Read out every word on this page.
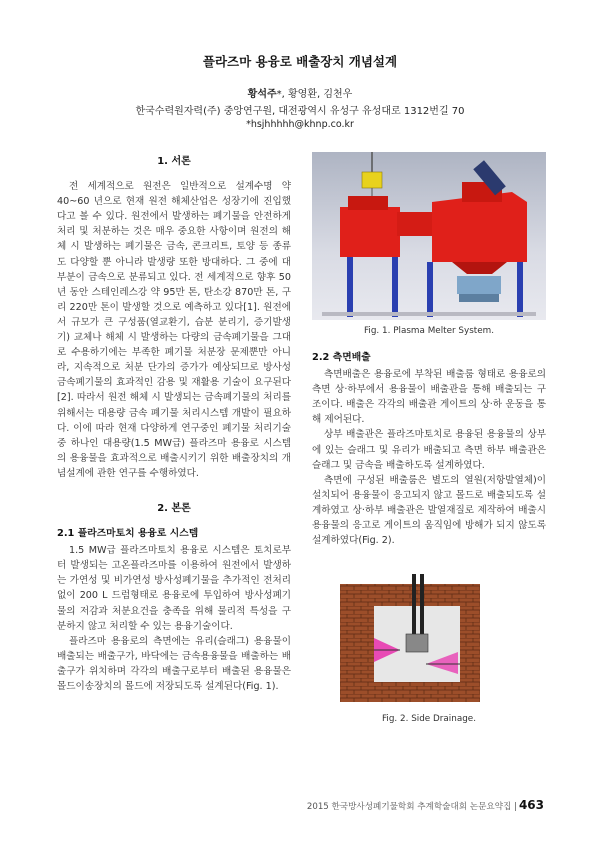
플라즈마 용융로 배출장치 개념설계
황석주*, 황영환, 김천우
한국수력원자력(주) 중앙연구원, 대전광역시 유성구 유성대로 1312번길 70
*hsjhhhhh@khnp.co.kr
1. 서론

전 세계적으로 원전은 일반적으로 설계수명 약 40~60 년으로 현재 원전 해체산업은 성장기에 진입했다고 볼 수 있다. 원전에서 발생하는 폐기물을 안전하게 처리 및 처분하는 것은 매우 중요한 사항이며 원전의 해체 시 발생하는 폐기물은 금속, 콘크리트, 토양 등 종류도 다양할 뿐 아니라 발생량 또한 방대하다. 그 중에 대부분이 금속으로 분류되고 있다. 전 세계적으로 향후 50 년 동안 스테인레스강 약 95만 톤, 탄소강 870만 톤, 구리 220만 톤이 발생할 것으로 예측하고 있다[1]. 원전에서 규모가 큰 구성품(열교환기, 습분 분리기, 증기발생기) 교체나 해체 시 발생하는 다량의 금속폐기물을 그대로 수용하기에는 부족한 폐기물 처분장 문제뿐만 아니라, 지속적으로 처분 단가의 증가가 예상되므로 방사성 금속폐기물의 효과적인 감용 및 재활용 기술이 요구된다[2]. 따라서 원전 해체 시 발생되는 금속폐기물의 처리를 위해서는 대용량 금속 폐기물 처리시스템 개발이 필요하다. 이에 따라 현재 다양하게 연구중인 폐기물 처리기술중 하나인 대용량(1.5 MW급) 플라즈마 용융로 시스템의 용융물을 효과적으로 배출시키기 위한 배출장치의 개념설계에 관한 연구를 수행하였다.

2. 본론
2.1 플라즈마토치 용융로 시스템

1.5 MW급 플라즈마토치 용융로 시스템은 토치로부터 발생되는 고온플라즈마를 이용하여 원전에서 발생하는 가연성 및 비가연성 방사성폐기물을 추가적인 전처리 없이 200 L 드럼형태로 용융로에 투입하여 방사성폐기물의 저감과 처분요건을 충족을 위해 물리적 특성을 구분하지 않고 처리할 수 있는 용융기술이다.

플라즈마 용융로의 측면에는 유리(슬래그) 용융물이 배출되는 배출구가, 바닥에는 금속용융물을 배출하는 배출구가 위치하며 각각의 배출구로부터 배출된 용융물은 몰드이송장치의 몰드에 저장되도록 설계된다(Fig. 1).

Fig. 1. Plasma Melter System.
2.2 측면배출

측면배출은 용융로에 부착된 배출룸 형태로 용융로의 측면 상·하부에서 용융물이 배출관을 통해 배출되는 구조이다. 배출은 각각의 배출관 게이트의 상·하 운동을 통해 제어된다.

상부 배출관은 플라즈마토치로 용융된 용융물의 상부에 있는 슬래그 및 유리가 배출되고 측면 하부 배출관은 슬래그 및 금속을 배출하도록 설계하였다.

측면에 구성된 배출룸은 별도의 열원(저항발열체)이 설치되어 용융물이 응고되지 않고 몰드로 배출되도록 설계하였고 상·하부 배출관은 발열재질로 제작하여 배출시 용융물의 응고로 게이트의 움직임에 방해가 되지 않도록 설계하였다(Fig. 2).

Fig. 2. Side Drainage.
2015 한국방사성폐기물학회 추계학술대회 논문요약집 | 463
